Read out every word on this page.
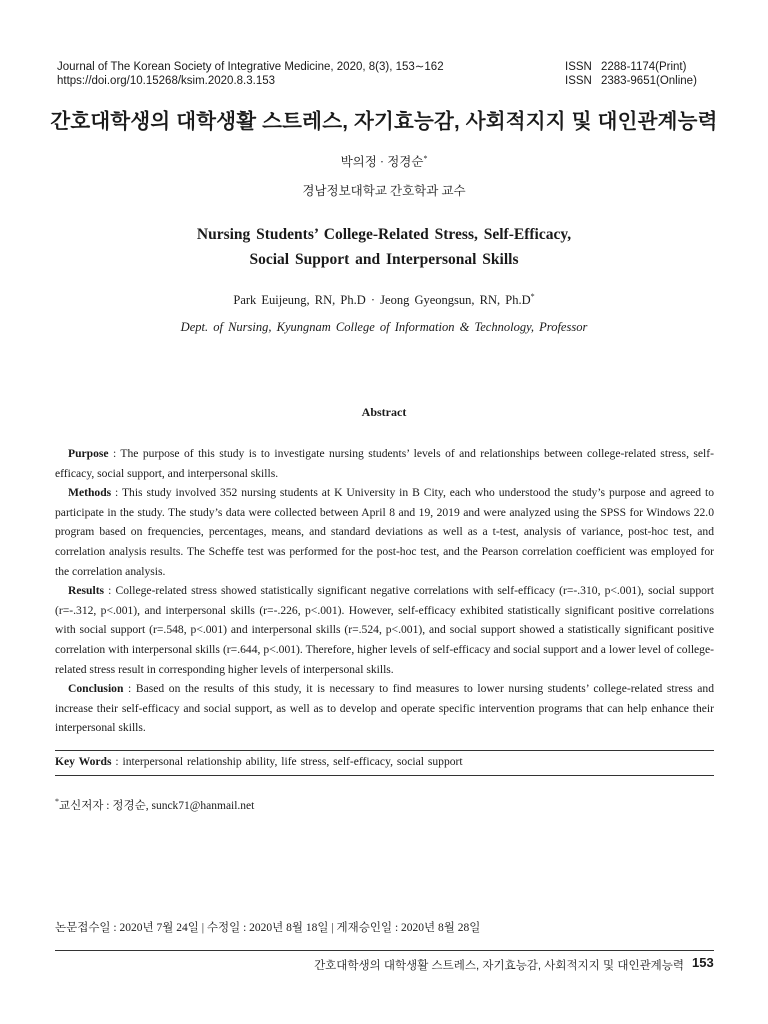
Journal of The Korean Society of Integrative Medicine, 2020, 8(3), 153∼162
https://doi.org/10.15268/ksim.2020.8.3.153
ISSN 2288-1174(Print)
ISSN 2383-9651(Online)
간호대학생의 대학생활 스트레스, 자기효능감, 사회적지지 및 대인관계능력
박의정 · 정경순*
경남정보대학교 간호학과 교수
Nursing Students’ College-Related Stress, Self-Efficacy,
Social Support and Interpersonal Skills
Park Euijeung, RN, Ph.D · Jeong Gyeongsun, RN, Ph.D*
Dept. of Nursing, Kyungnam College of Information & Technology, Professor
Abstract

Purpose : The purpose of this study is to investigate nursing students’ levels of and relationships between college-related stress, self-efficacy, social support, and interpersonal skills.

Methods : This study involved 352 nursing students at K University in B City, each who understood the study’s purpose and agreed to participate in the study. The study’s data were collected between April 8 and 19, 2019 and were analyzed using the SPSS for Windows 22.0 program based on frequencies, percentages, means, and standard deviations as well as a t-test, analysis of variance, post-hoc test, and correlation analysis results. The Scheffe test was performed for the post-hoc test, and the Pearson correlation coefficient was employed for the correlation analysis.

Results : College-related stress showed statistically significant negative correlations with self-efficacy (r=-.310, p<.001), social support (r=-.312, p<.001), and interpersonal skills (r=-.226, p<.001). However, self-efficacy exhibited statistically significant positive correlations with social support (r=.548, p<.001) and interpersonal skills (r=.524, p<.001), and social support showed a statistically significant positive correlation with interpersonal skills (r=.644, p<.001). Therefore, higher levels of self-efficacy and social support and a lower level of college-related stress result in corresponding higher levels of interpersonal skills.

Conclusion : Based on the results of this study, it is necessary to find measures to lower nursing students’ college-related stress and increase their self-efficacy and social support, as well as to develop and operate specific intervention programs that can help enhance their interpersonal skills.

Key Words : interpersonal relationship ability, life stress, self-efficacy, social support
*교신저자 : 정경순, sunck71@hanmail.net
논문접수일 : 2020년 7월 24일 | 수정일 : 2020년 8월 18일 | 게재승인일 : 2020년 8월 28일
간호대학생의 대학생활 스트레스, 자기효능감, 사회적지지 및 대인관계능력 153
